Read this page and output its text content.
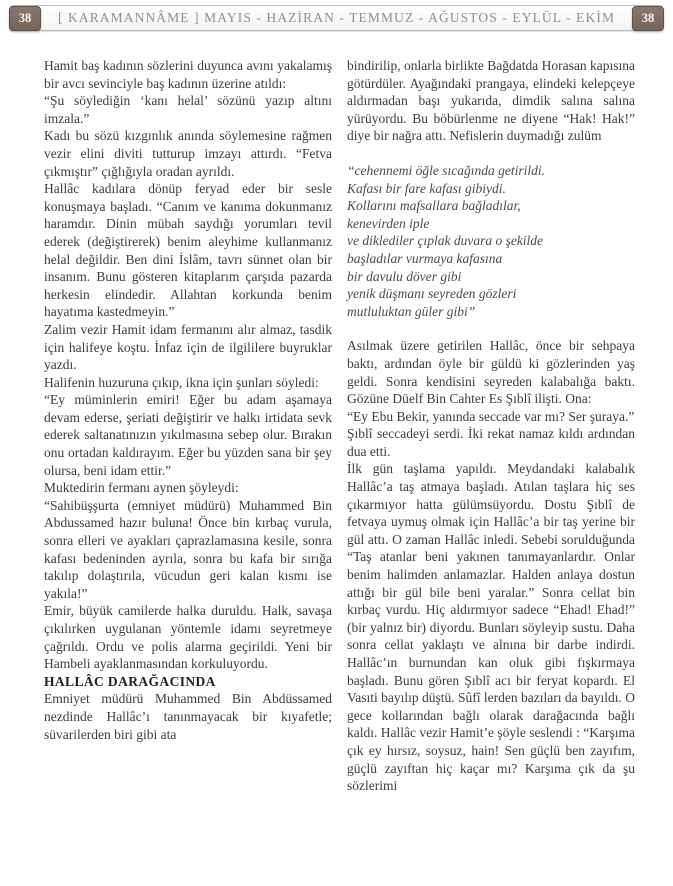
38	[ KARAMANNÂME ] MAYIS - HAZİRAN - TEMMUZ - AĞUSTOS - EYLÜL - EKİM	38

Hamit baş kadının sözlerini duyunca avını yakalamış bir avcı sevinciyle baş kadının üzerine atıldı:

“Şu söylediğin ‘kanı helal’ sözünü yazıp altını imzala.”

Kadı bu sözü kızgınlık anında söylemesine rağmen vezir elini diviti tutturup imzayı attırdı. “Fetva çıkmıştır” çığlığıyla oradan ayrıldı.

Hallâc kadılara dönüp feryad eder bir sesle konuşmaya başladı. “Canım ve kanıma dokunmanız haramdır. Dinin mübah saydığı yorumları tevil ederek (değiştirerek) benim aleyhime kullanmanız helal değildir. Ben dini İslâm, tavrı sünnet olan bir insanım. Bunu gösteren kitaplarım çarşıda pazarda herkesin elindedir. Allahtan korkunda benim hayatıma kastedmeyin.”

Zalim vezir Hamit idam fermanını alır almaz, tasdik için halifeye koştu. İnfaz için de ilgililere buyruklar yazdı.

Halifenin huzuruna çıkıp, ikna için şunları söyledi:

“Ey müminlerin emiri! Eğer bu adam aşamaya devam ederse, şeriati değiştirir ve halkı irtidata sevk ederek saltanatınızın yıkılmasına sebep olur. Bırakın onu ortadan kaldırayım. Eğer bu yüzden sana bir şey olursa, beni idam ettir.”

Muktedirin fermanı aynen şöyleydi:

“Sahibüşşurta (emniyet müdürü) Muhammed Bin Abdussamed hazır buluna! Önce bin kırbaç vurula, sonra elleri ve ayakları çaprazlamasına kesile, sonra kafası bedeninden ayrıla, sonra bu kafa bir sırığa takılıp dolaştırıla, vücudun geri kalan kısmı ise yakıla!”

Emir, büyük camilerde halka duruldu. Halk, savaşa çıkılırken uygulanan yöntemle idamı seyretmeye çağrıldı. Ordu ve polis alarma geçirildi. Yeni bir Hambeli ayaklanmasından korkuluyordu.

HALLÂC DARAĞACINDA

Emniyet müdürü Muhammed Bin Abdüssamed nezdinde Hallâc’ı tanınmayacak bir kıyafetle; süvarilerden biri gibi ata

bindirilip, onlarla birlikte Bağdatda Horasan kapısına götürdüler. Ayağındaki prangaya, elindeki kelepçeye aldırmadan başı yukarıda, dimdik salına salına yürüyordu. Bu böbürlenme ne diyene “Hak! Hak!” diye bir nağra attı. Nefislerin duymadığı zulüm

“cehennemi öğle sıcağında getirildi.
Kafası bir fare kafası gibiydi.
Kollarını mafsallara bağladılar,
kenevirden iple
ve diklediler çıplak duvara o şekilde
başladılar vurmaya kafasına
bir davulu döver gibi
yenik düşmanı seyreden gözleri
mutluluktan güler gibi”

Asılmak üzere getirilen Hallâc, önce bir sehpaya baktı, ardından öyle bir güldü ki gözlerinden yaş geldi. Sonra kendisini seyreden kalabalığa baktı. Gözüne Düelf Bin Cahter Es Şıblî ilişti. Ona:

“Ey Ebu Bekir, yanında seccade var mı? Ser şuraya.”

Şıblî seccadeyi serdi. İki rekat namaz kıldı ardından dua etti.

İlk gün taşlama yapıldı. Meydandaki kalabalık Hallâc’a taş atmaya başladı. Atılan taşlara hiç ses çıkarmıyor hatta gülümsüyordu. Dostu Şıblî de fetvaya uymuş olmak için Hallâc’a bir taş yerine bir gül attı. O zaman Hallâc inledi. Sebebi sorulduğunda “Taş atanlar beni yakınen tanımayanlardır. Onlar benim halimden anlamazlar. Halden anlaya dostun attığı bir gül bile beni yaralar.” Sonra cellat bin kırbaç vurdu. Hiç aldırmıyor sadece “Ehad! Ehad!” (bir yalnız bir) diyordu. Bunları söyleyip sustu. Daha sonra cellat yaklaştı ve alnına bir darbe indirdi. Hallâc’ın burnundan kan oluk gibi fışkırmaya başladı. Bunu gören Şıblî acı bir feryat kopardı. El Vasıti bayılıp düştü. Sûfî lerden bazıları da bayıldı. O gece kollarından bağlı olarak darağacında bağlı kaldı. Hallâc vezir Hamit’e şöyle seslendi : “Karşıma çık ey hırsız, soysuz, hain! Sen güçlü ben zayıfım, güçlü zayıftan hiç kaçar mı? Karşıma çık da şu sözlerimi
